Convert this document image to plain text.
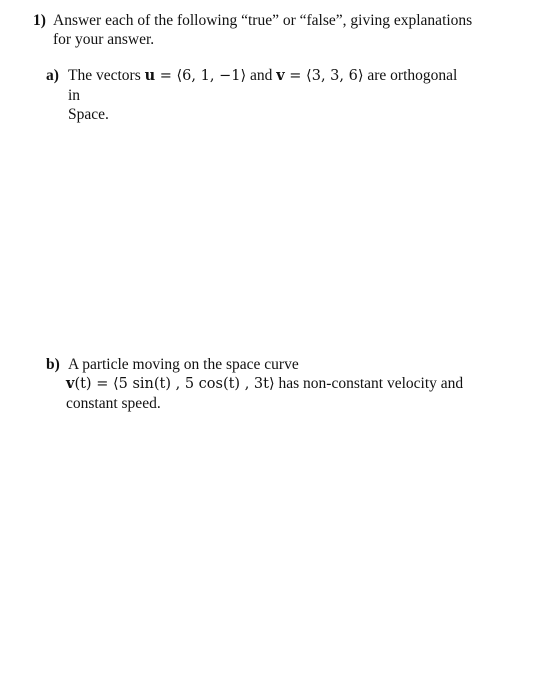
1) Answer each of the following “true” or “false”, giving explanations
for your answer.
a) The vectors u = ⟨6, 1, −1⟩ and v = ⟨3, 3, 6⟩ are orthogonal in
Space.
b) A particle moving on the space curve
v(t) = ⟨5 sin(t) , 5 cos(t) , 3t⟩ has non-constant velocity and
constant speed.
